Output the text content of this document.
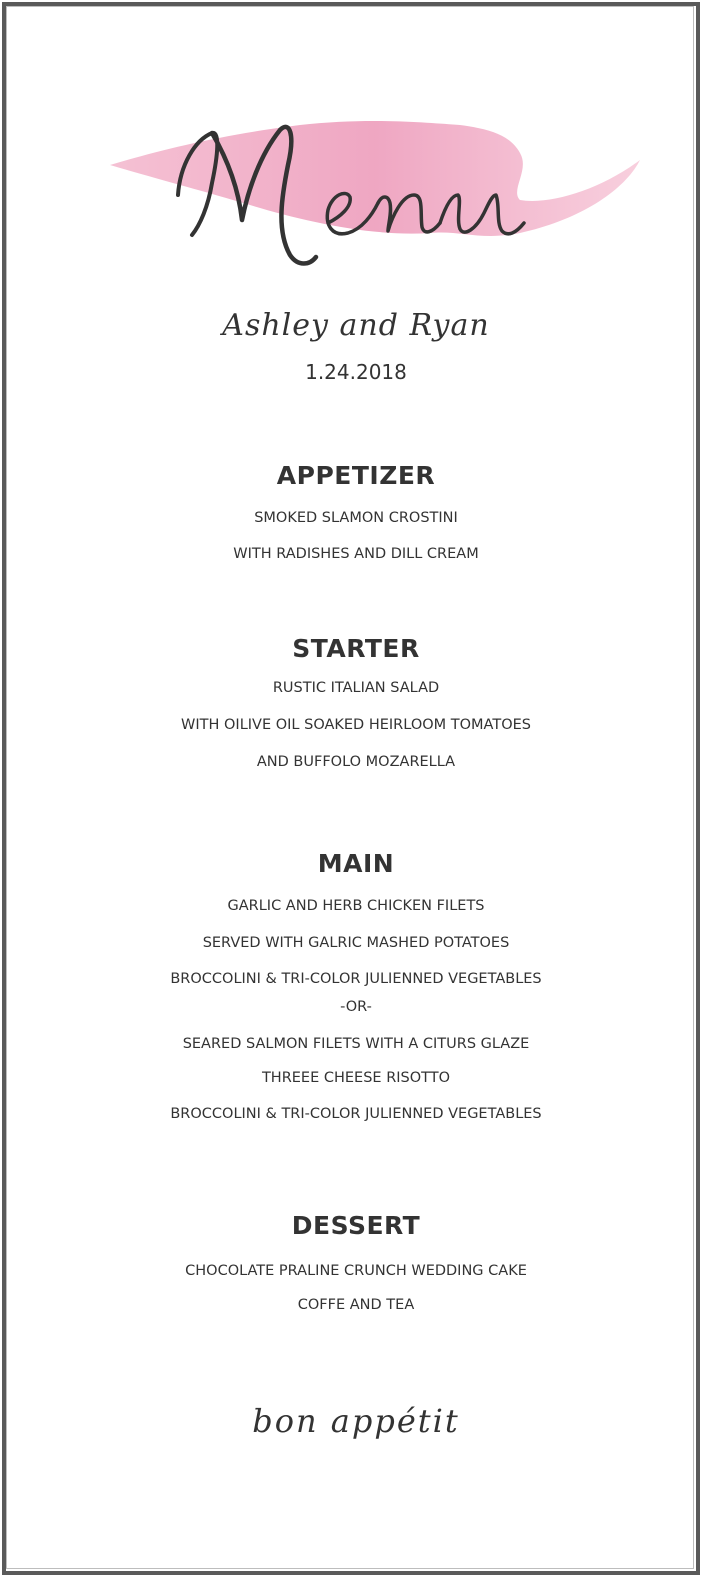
Ashley and Ryan
1.24.2018
APPETIZER
SMOKED SLAMON CROSTINI
WITH RADISHES AND DILL CREAM
STARTER
RUSTIC ITALIAN SALAD
WITH OILIVE OIL SOAKED HEIRLOOM TOMATOES
AND BUFFOLO MOZARELLA
MAIN
GARLIC AND HERB CHICKEN FILETS
SERVED WITH GALRIC MASHED POTATOES
BROCCOLINI & TRI-COLOR JULIENNED VEGETABLES
-OR-
SEARED SALMON FILETS WITH A CITURS GLAZE
THREEE CHEESE RISOTTO
BROCCOLINI & TRI-COLOR JULIENNED VEGETABLES
DESSERT
CHOCOLATE PRALINE CRUNCH WEDDING CAKE
COFFE AND TEA
bon appétit
